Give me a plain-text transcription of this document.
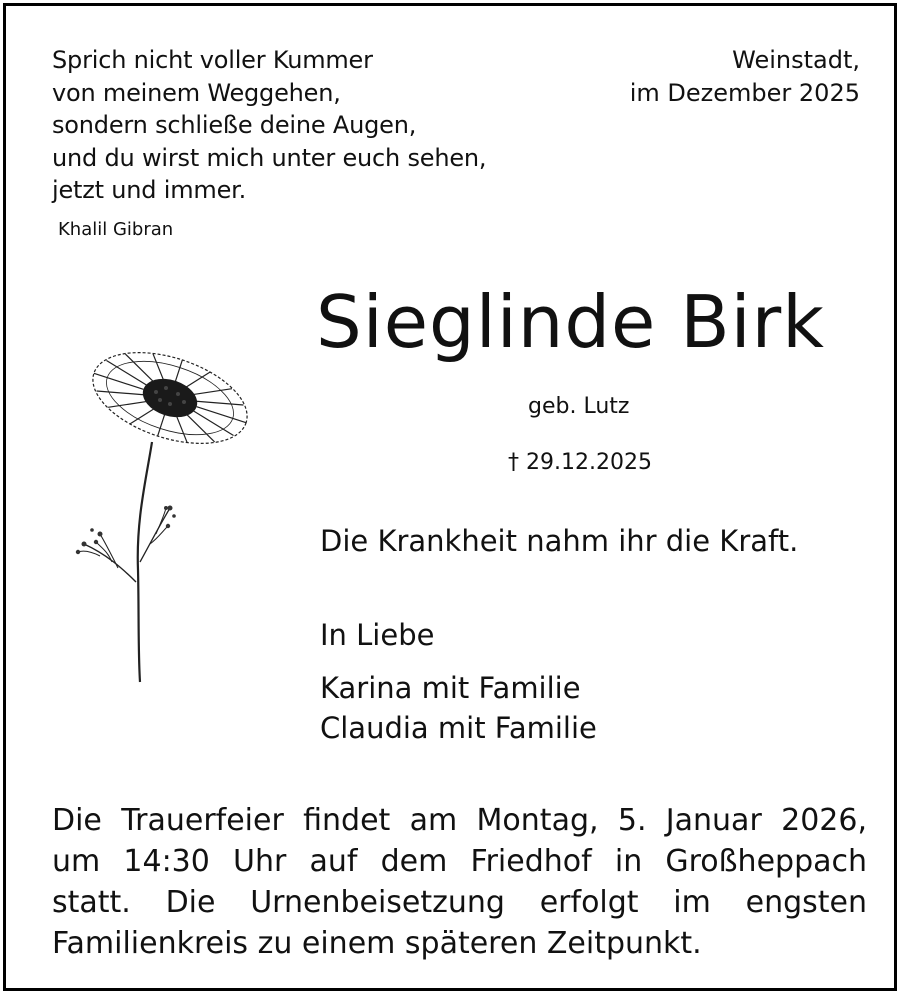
Sprich nicht voller Kummer
von meinem Weggehen,
sondern schließe deine Augen,
und du wirst mich unter euch sehen,
jetzt und immer.
Khalil Gibran
Weinstadt,
im Dezember 2025
Sieglinde Birk
geb. Lutz
† 29.12.2025
Die Krankheit nahm ihr die Kraft.
In Liebe
Karina mit Familie
Claudia mit Familie
Die Trauerfeier findet am Montag, 5. Januar 2026,
um 14:30 Uhr auf dem Friedhof in Großheppach
statt. Die Urnenbeisetzung erfolgt im engsten
Familienkreis zu einem späteren Zeitpunkt.
